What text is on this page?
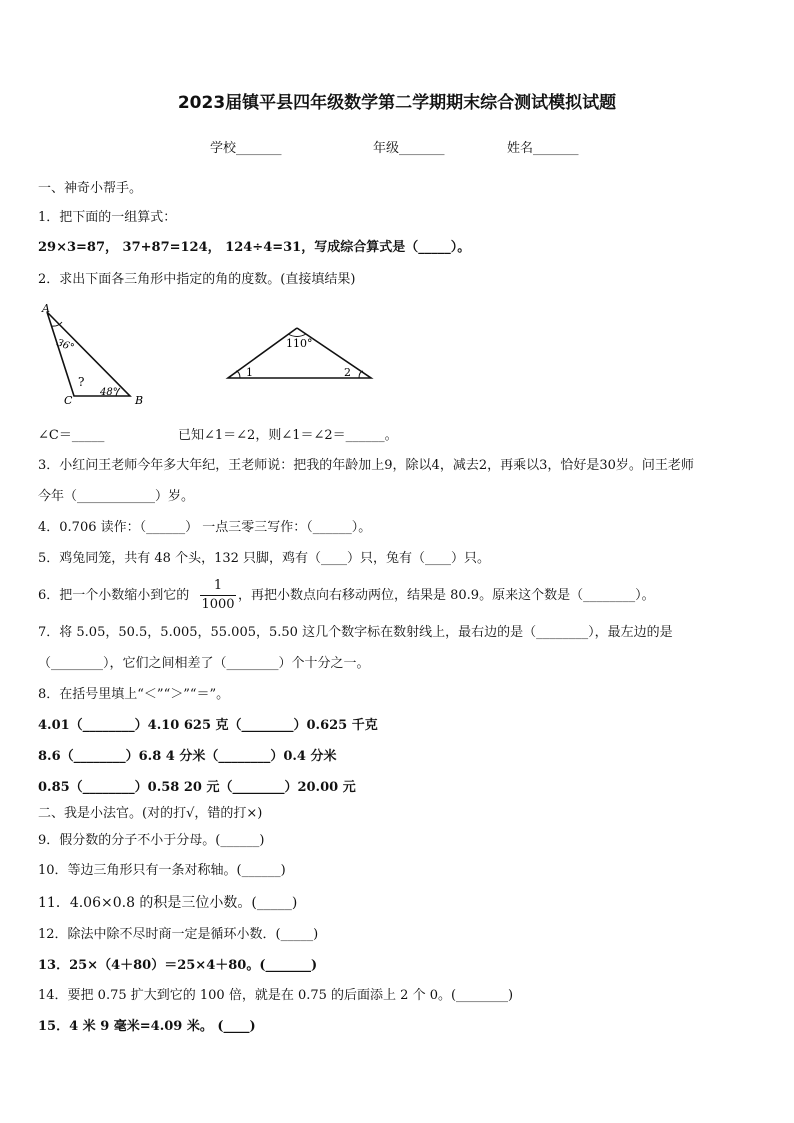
2023届镇平县四年级数学第二学期期末综合测试模拟试题
学校_______	年级_______	姓名_______
一、神奇小帮手。
1．把下面的一组算式：
29×3=87， 37+87=124， 124÷4=31，写成综合算式是（_____）。
2．求出下面各三角形中指定的角的度数。(直接填结果)
A
36°
?
48°
C	B
110°
1	2
∠C＝_____	已知∠1＝∠2，则∠1＝∠2＝______。
3．小红问王老师今年多大年纪，王老师说：把我的年龄加上9，除以4，减去2，再乘以3，恰好是30岁。问王老师
今年（____________）岁。
4．0.706 读作：（______） 一点三零三写作：（______）。
5．鸡兔同笼，共有 48 个头，132 只脚，鸡有（____）只，兔有（____）只。
6．把一个小数缩小到它的
1
1000
，再把小数点向右移动两位，结果是 80.9。原来这个数是（________）。
7．将 5.05，50.5，5.005，55.005，5.50 这几个数字标在数射线上，最右边的是（________），最左边的是
（________），它们之间相差了（________）个十分之一。
8．在括号里填上“＜”“＞”“＝”。
4.01（________）4.10 625 克（________）0.625 千克
8.6（________）6.8 4 分米（________）0.4 分米
0.85（________）0.58 20 元（________）20.00 元
二、我是小法官。(对的打√，错的打×)
9．假分数的分子不小于分母。(______)
10．等边三角形只有一条对称轴。(______)
11．4.06×0.8 的积是三位小数。(_____)
12．除法中除不尽时商一定是循环小数．(_____)
13．25×（4＋80）＝25×4＋80。(_______)
14．要把 0.75 扩大到它的 100 倍，就是在 0.75 的后面添上 2 个 0。(________)
15．4 米 9 毫米=4.09 米。 (____)
